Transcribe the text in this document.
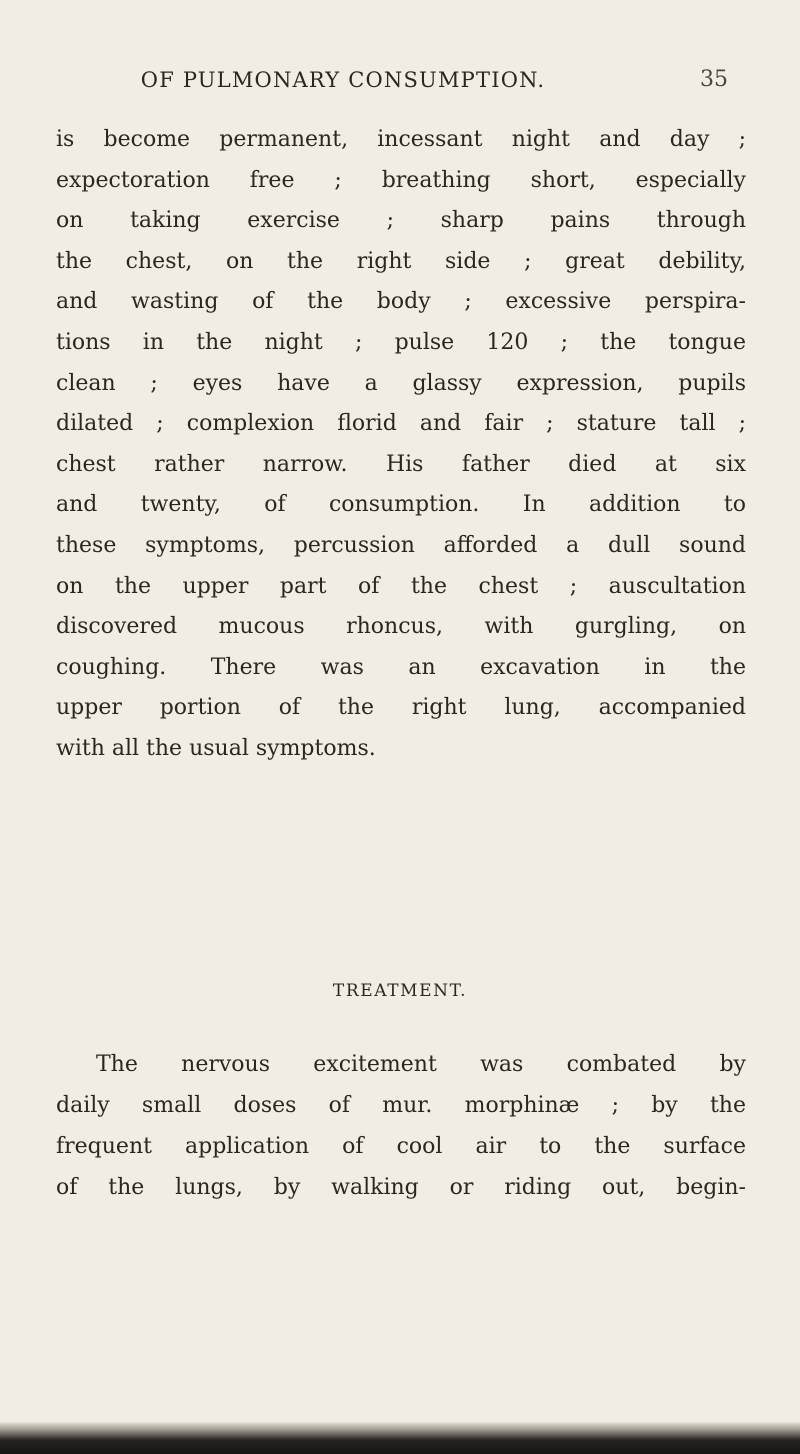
OF PULMONARY CONSUMPTION.	35
is become permanent, incessant night and day ;
expectoration free ; breathing short, especially
on taking exercise ; sharp pains through
the chest, on the right side ; great debility,
and wasting of the body ; excessive perspira-
tions in the night ; pulse 120 ; the tongue
clean ; eyes have a glassy expression, pupils
dilated ; complexion florid and fair ; stature tall ;
chest rather narrow. His father died at six
and twenty, of consumption. In addition to
these symptoms, percussion afforded a dull sound
on the upper part of the chest ; auscultation
discovered mucous rhoncus, with gurgling, on
coughing. There was an excavation in the
upper portion of the right lung, accompanied
with all the usual symptoms.
TREATMENT.
The nervous excitement was combated by
daily small doses of mur. morphinæ ; by the
frequent application of cool air to the surface
of the lungs, by walking or riding out, begin-
